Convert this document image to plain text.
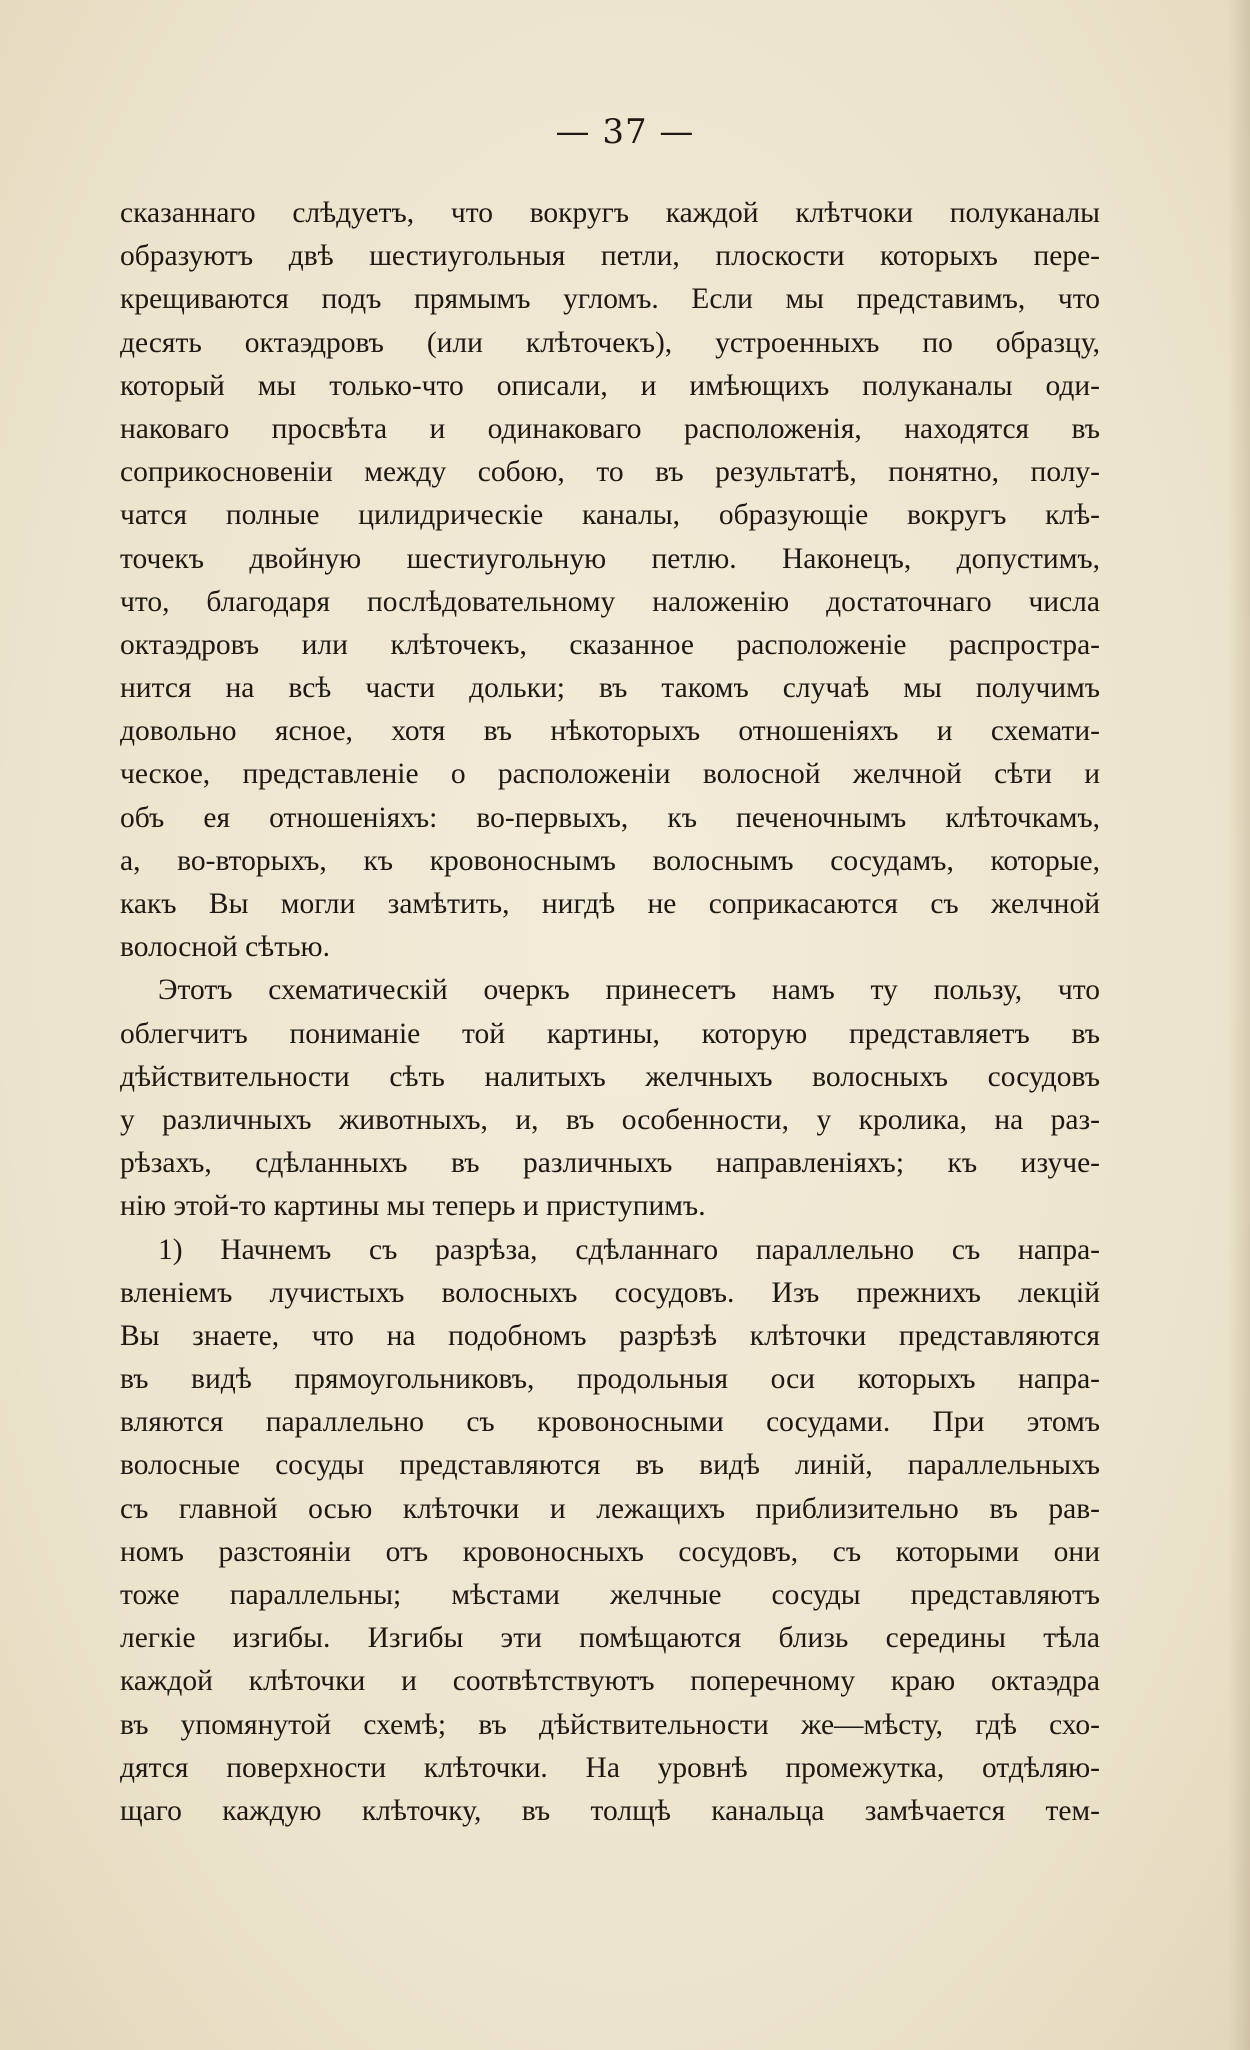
— 37 —
сказаннаго слѣдуетъ, что вокругъ каждой клѣтчоки полуканалы
образуютъ двѣ шестиугольныя петли, плоскости которыхъ пере-
крещиваются подъ прямымъ угломъ. Если мы представимъ, что
десять октаэдровъ (или клѣточекъ), устроенныхъ по образцу,
который мы только-что описали, и имѣющихъ полуканалы оди-
наковаго просвѣта и одинаковаго расположенія, находятся въ
соприкосновеніи между собою, то въ результатѣ, понятно, полу-
чатся полные цилидрическіе каналы, образующіе вокругъ клѣ-
точекъ двойную шестиугольную петлю. Наконецъ, допустимъ,
что, благодаря послѣдовательному наложенію достаточнаго числа
октаэдровъ или клѣточекъ, сказанное расположеніе распростра-
нится на всѣ части дольки; въ такомъ случаѣ мы получимъ
довольно ясное, хотя въ нѣкоторыхъ отношеніяхъ и схемати-
ческое, представленіе о расположеніи волосной желчной сѣти и
объ ея отношеніяхъ: во-первыхъ, къ печеночнымъ клѣточкамъ,
а, во-вторыхъ, къ кровоноснымъ волоснымъ сосудамъ, которые,
какъ Вы могли замѣтить, нигдѣ не соприкасаются съ желчной
волосной сѣтью.
Этотъ схематическій очеркъ принесетъ намъ ту пользу, что
облегчитъ пониманіе той картины, которую представляетъ въ
дѣйствительности сѣть налитыхъ желчныхъ волосныхъ сосудовъ
у различныхъ животныхъ, и, въ особенности, у кролика, на раз-
рѣзахъ, сдѣланныхъ въ различныхъ направленіяхъ; къ изуче-
нію этой-то картины мы теперь и приступимъ.
1) Начнемъ съ разрѣза, сдѣланнаго параллельно съ напра-
вленіемъ лучистыхъ волосныхъ сосудовъ. Изъ прежнихъ лекцій
Вы знаете, что на подобномъ разрѣзѣ клѣточки представляются
въ видѣ прямоугольниковъ, продольныя оси которыхъ напра-
вляются параллельно съ кровоносными сосудами. При этомъ
волосные сосуды представляются въ видѣ линій, параллельныхъ
съ главной осью клѣточки и лежащихъ приблизительно въ рав-
номъ разстояніи отъ кровоносныхъ сосудовъ, съ которыми они
тоже параллельны; мѣстами желчные сосуды представляютъ
легкіе изгибы. Изгибы эти помѣщаются близь середины тѣла
каждой клѣточки и соотвѣтствуютъ поперечному краю октаэдра
въ упомянутой схемѣ; въ дѣйствительности же—мѣсту, гдѣ схо-
дятся поверхности клѣточки. На уровнѣ промежутка, отдѣляю-
щаго каждую клѣточку, въ толщѣ канальца замѣчается тем-
